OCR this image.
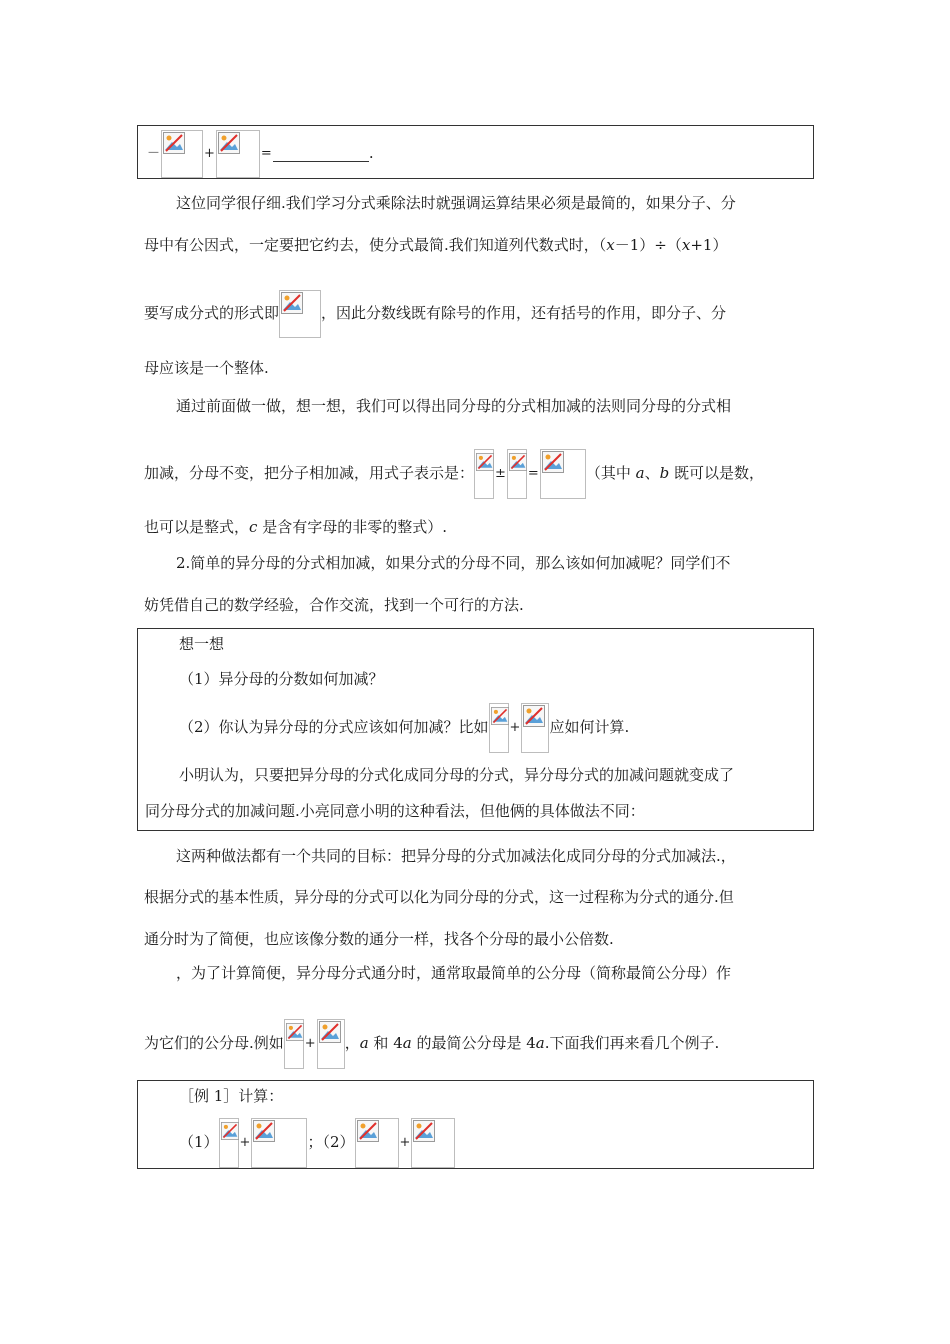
－	+	=	.
这位同学很仔细.我们学习分式乘除法时就强调运算结果必须是最简的，如果分子、分
母中有公因式，一定要把它约去，使分式最简.我们知道列代数式时，（x－1）÷（x+1）
要写成分式的形式即	，因此分数线既有除号的作用，还有括号的作用，即分子、分
母应该是一个整体.
通过前面做一做，想一想，我们可以得出同分母的分式相加减的法则同分母的分式相
加减，分母不变，把分子相加减，用式子表示是： ± =	（其中 a、b 既可以是数，
也可以是整式，c 是含有字母的非零的整式）.
2.简单的异分母的分式相加减，如果分式的分母不同，那么该如何加减呢？同学们不
妨凭借自己的数学经验，合作交流，找到一个可行的方法.
想一想
（1）异分母的分数如何加减？
（2）你认为异分母的分式应该如何加减？比如 + 应如何计算.
小明认为，只要把异分母的分式化成同分母的分式，异分母分式的加减问题就变成了
同分母分式的加减问题.小亮同意小明的这种看法，但他俩的具体做法不同：
这两种做法都有一个共同的目标：把异分母的分式加减法化成同分母的分式加减法.，
根据分式的基本性质，异分母的分式可以化为同分母的分式，这一过程称为分式的通分.但
通分时为了简便，也应该像分数的通分一样，找各个分母的最小公倍数.
，为了计算简便，异分母分式通分时，通常取最简单的公分母（简称最简公分母）作
为它们的公分母.例如 + ，a 和 4a 的最简公分母是 4a.下面我们再来看几个例子.
［例 1］计算：
（1） +	；（2）	+
